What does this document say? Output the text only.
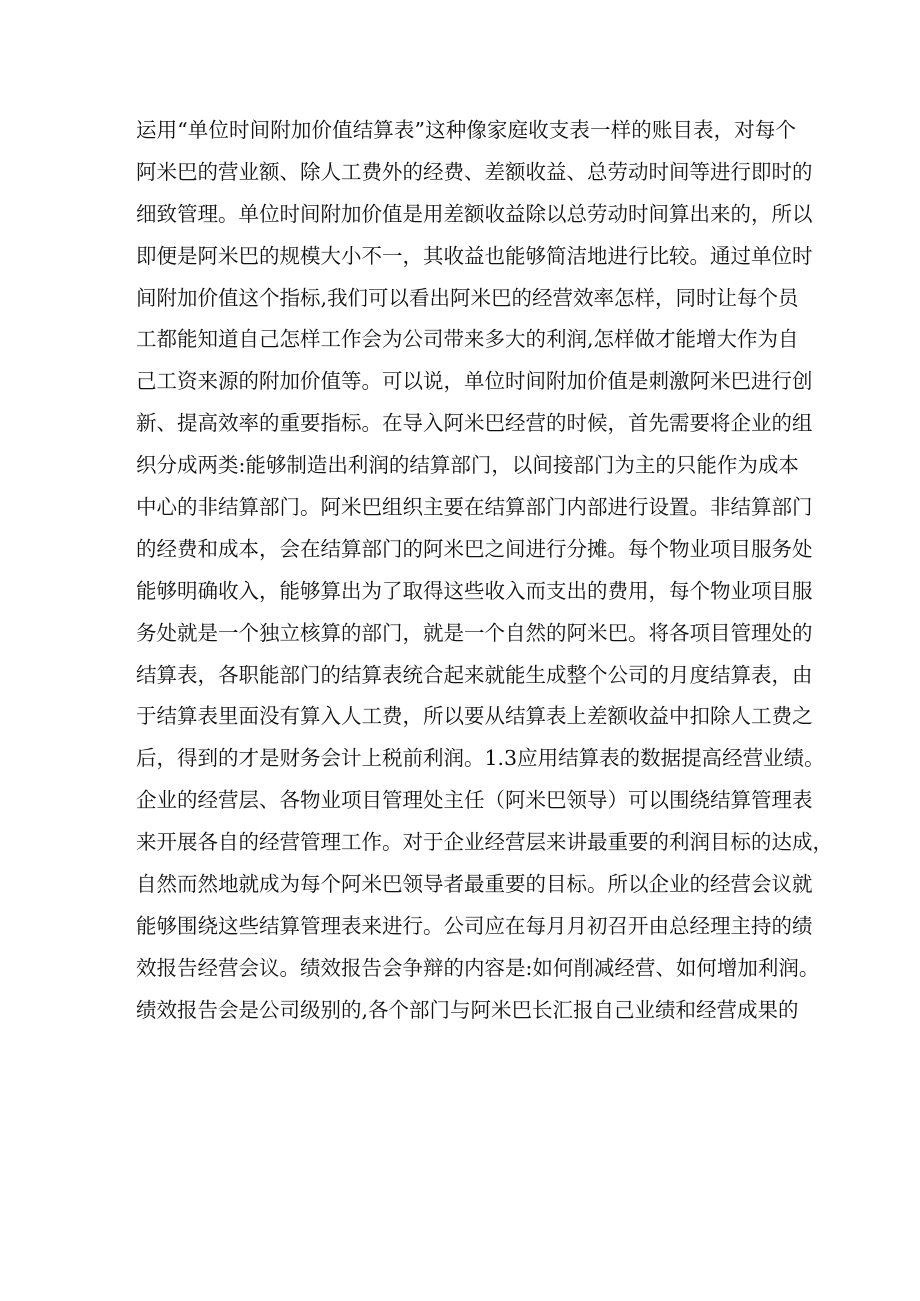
运用“单位时间附加价值结算表”这种像家庭收支表一样的账目表，对每个
阿米巴的营业额、除人工费外的经费、差额收益、总劳动时间等进行即时的
细致管理。单位时间附加价值是用差额收益除以总劳动时间算出来的，所以
即便是阿米巴的规模大小不一，其收益也能够简洁地进行比较。通过单位时
间附加价值这个指标,我们可以看出阿米巴的经营效率怎样，同时让每个员
工都能知道自己怎样工作会为公司带来多大的利润,怎样做才能增大作为自
己工资来源的附加价值等。可以说，单位时间附加价值是刺激阿米巴进行创
新、提高效率的重要指标。在导入阿米巴经营的时候，首先需要将企业的组
织分成两类:能够制造出利润的结算部门，以间接部门为主的只能作为成本
中心的非结算部门。阿米巴组织主要在结算部门内部进行设置。非结算部门
的经费和成本，会在结算部门的阿米巴之间进行分摊。每个物业项目服务处
能够明确收入，能够算出为了取得这些收入而支出的费用，每个物业项目服
务处就是一个独立核算的部门，就是一个自然的阿米巴。将各项目管理处的
结算表，各职能部门的结算表统合起来就能生成整个公司的月度结算表，由
于结算表里面没有算入人工费，所以要从结算表上差额收益中扣除人工费之
后，得到的才是财务会计上税前利润。1.3应用结算表的数据提高经营业绩。
企业的经营层、各物业项目管理处主任（阿米巴领导）可以围绕结算管理表
来开展各自的经营管理工作。对于企业经营层来讲最重要的利润目标的达成，
自然而然地就成为每个阿米巴领导者最重要的目标。所以企业的经营会议就
能够围绕这些结算管理表来进行。公司应在每月月初召开由总经理主持的绩
效报告经营会议。绩效报告会争辩的内容是:如何削减经营、如何增加利润。
绩效报告会是公司级别的,各个部门与阿米巴长汇报自己业绩和经营成果的
